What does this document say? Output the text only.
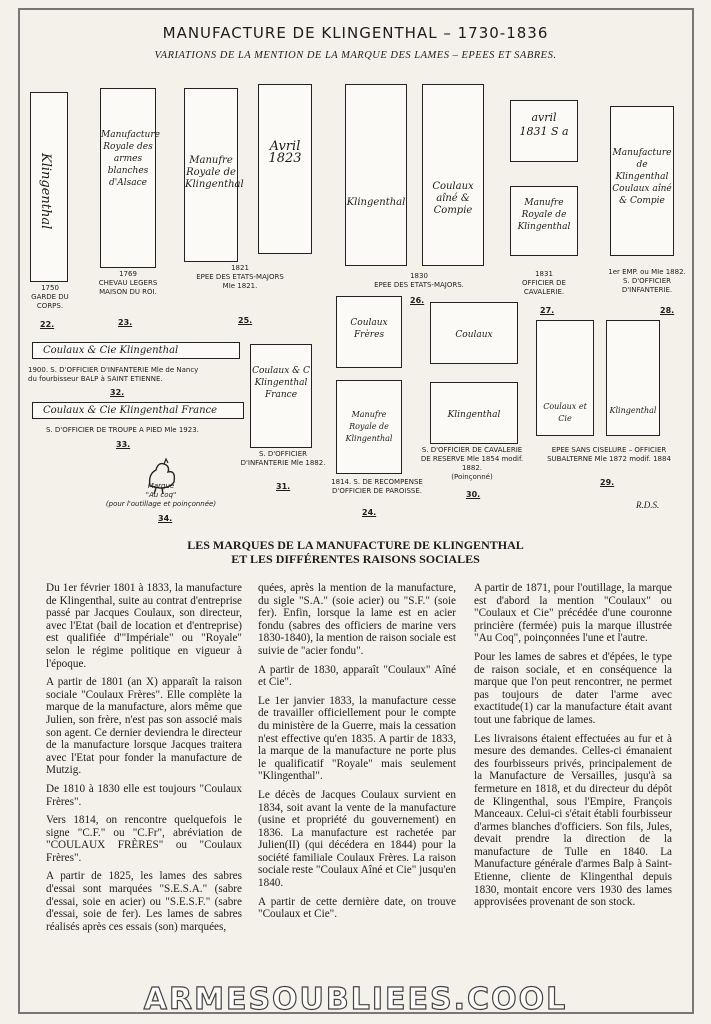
MANUFACTURE DE KLINGENTHAL – 1730-1836
VARIATIONS DE LA MENTION DE LA MARQUE DES LAMES – EPEES ET SABRES.
Klingenthal
1750
GARDE DU
CORPS.
22.
Manufacture Royale des armes blanches d'Alsace
1769
CHEVAU LEGERS
MAISON DU ROI.
23.
Manufre Royale de Klingenthal
Avril 1823
1821
EPEE DES ETATS-MAJORS
MIe 1821.
25.
Klingenthal
Coulaux aîné & Compie
1830
EPEE DES ETATS-MAJORS.
26.
avril 1831 S a
Manufre Royale de Klingenthal
1831
OFFICIER DE
CAVALERIE.
27.
Manufacture de Klingenthal Coulaux aîné & Compie
1er EMP. ou MIe 1882.
S. D'OFFICIER
D'INFANTERIE.
28.
Coulaux & Cie Klingenthal
1900. S. D'OFFICIER D'INFANTERIE Mle de Nancy
du fourbisseur BALP à SAINT ETIENNE.
32.
Coulaux & Cie Klingenthal France
S. D'OFFICIER DE TROUPE A PIED Mle 1923.
33.
Marque
"Au coq"
(pour l'outillage et poinçonnée)
34.
Coulaux & C Klingenthal France
S. D'OFFICIER
D'INFANTERIE Mle 1882.
31.
Coulaux Frères
Manufre Royale de Klingenthal
1814. S. DE RECOMPENSE
D'OFFICIER DE PAROISSE.
24.
Coulaux
Klingenthal
S. D'OFFICIER DE CAVALERIE
DE RESERVE Mle 1854 modif. 1882.
(Poinçonné)
30.
Coulaux et Cie
Klingenthal
EPEE SANS CISELURE – OFFICIER
SUBALTERNE Mle 1872 modif. 1884
29.
R.D.S.
LES MARQUES DE LA MANUFACTURE DE KLINGENTHAL
ET LES DIFFÉRENTES RAISONS SOCIALES

Du 1er février 1801 à 1833, la manufacture de Klingenthal, suite au contrat d'entreprise passé par Jacques Coulaux, son directeur, avec l'Etat (bail de location et d'entreprise) est qualifiée d'"Impériale" ou "Royale" selon le régime politique en vigueur à l'époque.

A partir de 1801 (an X) apparaît la raison sociale "Coulaux Frères". Elle complète la marque de la manufacture, alors même que Julien, son frère, n'est pas son associé mais son agent. Ce dernier deviendra le directeur de la manufacture lorsque Jacques traitera avec l'Etat pour fonder la manufacture de Mutzig.

De 1810 à 1830 elle est toujours "Coulaux Frères".

Vers 1814, on rencontre quelquefois le signe "C.F." ou "C.Fr", abréviation de "COULAUX FRÈRES" ou "Coulaux Frères".

A partir de 1825, les lames des sabres d'essai sont marquées "S.E.S.A." (sabre d'essai, soie en acier) ou "S.E.S.F." (sabre d'essai, soie de fer). Les lames de sabres réalisés après ces essais (son) marquées,

quées, après la mention de la manufacture, du sigle "S.A." (soie acier) ou "S.F." (soie fer). Enfin, lorsque la lame est en acier fondu (sabres des officiers de marine vers 1830-1840), la mention de raison sociale est suivie de "acier fondu".

A partir de 1830, apparaît "Coulaux" Aîné et Cie".

Le 1er janvier 1833, la manufacture cesse de travailler officiellement pour le compte du ministère de la Guerre, mais la cessation n'est effective qu'en 1835. A partir de 1833, la marque de la manufacture ne porte plus le qualificatif "Royale" mais seulement "Klingenthal".

Le décès de Jacques Coulaux survient en 1834, soit avant la vente de la manufacture (usine et propriété du gouvernement) en 1836. La manufacture est rachetée par Julien(II) (qui décédera en 1844) pour la société familiale Coulaux Frères. La raison sociale reste "Coulaux Aîné et Cie" jusqu'en 1840.

A partir de cette dernière date, on trouve "Coulaux et Cie".

A partir de 1871, pour l'outillage, la marque est d'abord la mention "Coulaux" ou "Coulaux et Cie" précédée d'une couronne princière (fermée) puis la marque illustrée "Au Coq", poinçonnées l'une et l'autre.

Pour les lames de sabres et d'épées, le type de raison sociale, et en conséquence la marque que l'on peut rencontrer, ne permet pas toujours de dater l'arme avec exactitude(1) car la manufacture était avant tout une fabrique de lames.

Les livraisons étaient effectuées au fur et à mesure des demandes. Celles-ci émanaient des fourbisseurs privés, principalement de la Manufacture de Versailles, jusqu'à sa fermeture en 1818, et du directeur du dépôt de Klingenthal, sous l'Empire, François Manceaux. Celui-ci s'était établi fourbisseur d'armes blanches d'officiers. Son fils, Jules, devait prendre la direction de la manufacture de Tulle en 1840. La Manufacture générale d'armes Balp à Saint-Etienne, cliente de Klingenthal depuis 1830, montait encore vers 1930 des lames approvisées provenant de son stock.

ARMESOUBLIEES.COOL
